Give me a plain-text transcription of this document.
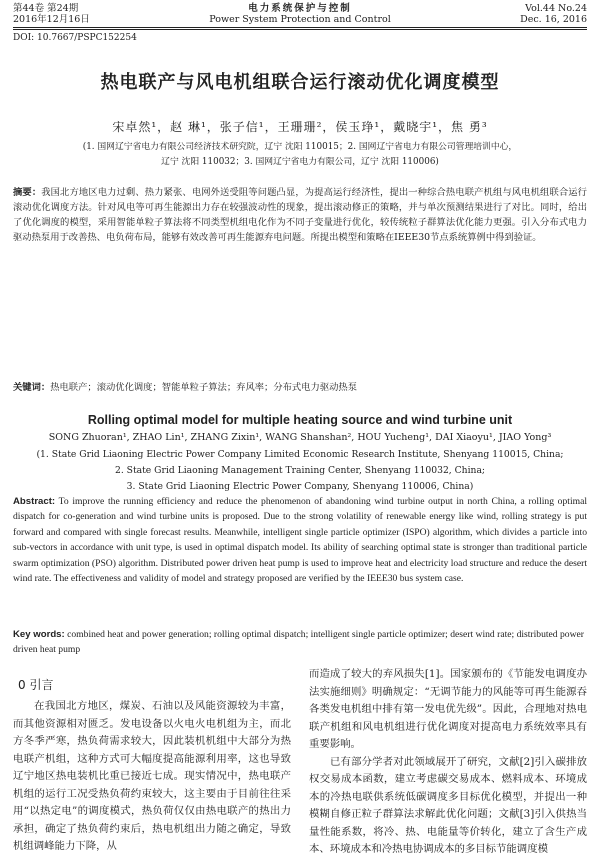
第44卷 第24期
2016年12月16日
电力系统保护与控制
Power System Protection and Control
Vol.44 No.24
Dec. 16, 2016
DOI: 10.7667/PSPC152254
热电联产与风电机组联合运行滚动优化调度模型
宋卓然¹，赵 琳¹，张子信¹，王珊珊²，侯玉琤¹，戴晓宇¹，焦 勇³
(1. 国网辽宁省电力有限公司经济技术研究院，辽宁 沈阳 110015；2. 国网辽宁省电力有限公司管理培训中心，
辽宁 沈阳 110032；3. 国网辽宁省电力有限公司，辽宁 沈阳 110006)
摘要：我国北方地区电力过剩、热力紧张、电网外送受阻等问题凸显，为提高运行经济性，提出一种综合热电联产机组与风电机组联合运行滚动优化调度方法。针对风电等可再生能源出力存在较强波动性的现象，提出滚动修正的策略，并与单次预测结果进行了对比。同时，给出了优化调度的模型，采用智能单粒子算法将不同类型机组电化作为不同子变量进行优化，较传统粒子群算法优化能力更强。引入分布式电力驱动热泵用于改善热、电负荷布局，能够有效改善可再生能源弃电问题。所提出模型和策略在IEEE30节点系统算例中得到验证。
关键词：热电联产；滚动优化调度；智能单粒子算法；弃风率；分布式电力驱动热泵
Rolling optimal model for multiple heating source and wind turbine unit
SONG Zhuoran¹, ZHAO Lin¹, ZHANG Zixin¹, WANG Shanshan², HOU Yucheng¹, DAI Xiaoyu¹, JIAO Yong³
(1. State Grid Liaoning Electric Power Company Limited Economic Research Institute, Shenyang 110015, China;
2. State Grid Liaoning Management Training Center, Shenyang 110032, China;
3. State Grid Liaoning Electric Power Company, Shenyang 110006, China)
Abstract: To improve the running efficiency and reduce the phenomenon of abandoning wind turbine output in north China, a rolling optimal dispatch for co-generation and wind turbine units is proposed. Due to the strong volatility of renewable energy like wind, rolling strategy is put forward and compared with single forecast results. Meanwhile, intelligent single particle optimizer (ISPO) algorithm, which divides a particle into sub-vectors in accordance with unit type, is used in optimal dispatch model. Its ability of searching optimal state is stronger than traditional particle swarm optimization (PSO) algorithm. Distributed power driven heat pump is used to improve heat and electricity load structure and reduce the desert wind rate. The effectiveness and validity of model and strategy proposed are verified by the IEEE30 bus system case.
Key words: combined heat and power generation; rolling optimal dispatch; intelligent single particle optimizer; desert wind rate; distributed power driven heat pump
0 引言
在我国北方地区，煤炭、石油以及风能资源较为丰富，而其他资源相对匮乏。发电设备以火电火电机组为主，而北方冬季严寒，热负荷需求较大，因此装机机组中大部分为热电联产机组，这种方式可大幅度提高能源利用率，这也导致辽宁地区热电装机比重已接近七成。现实情况中，热电联产机组的运行工况受热负荷约束较大，这主要由于目前往往采用“以热定电”的调度模式，热负荷仅仅由热电联产的热出力承担，确定了热负荷约束后，热电机组出力随之确定，导致机组调峰能力下降，从

而造成了较大的弃风损失[1]。国家颁布的《节能发电调度办法实施细则》明确规定：“无调节能力的风能等可再生能源吞各类发电机组中排有第一发电优先级”。因此，合理地对热电联产机组和风电机组进行优化调度对提高电力系统效率具有重要影响。

已有部分学者对此领域展开了研究，文献[2]引入碳排放权交易成本函数，建立考虑碳交易成本、燃料成本、环境成本的冷热电联供系统低碳调度多目标优化模型，并提出一种模糊自修正粒子群算法求解此优化问题；文献[3]引入供热当量性能系数，将冷、热、电能量等价转化，建立了含生产成本、环境成本和冷热电协调成本的多目标节能调度模
